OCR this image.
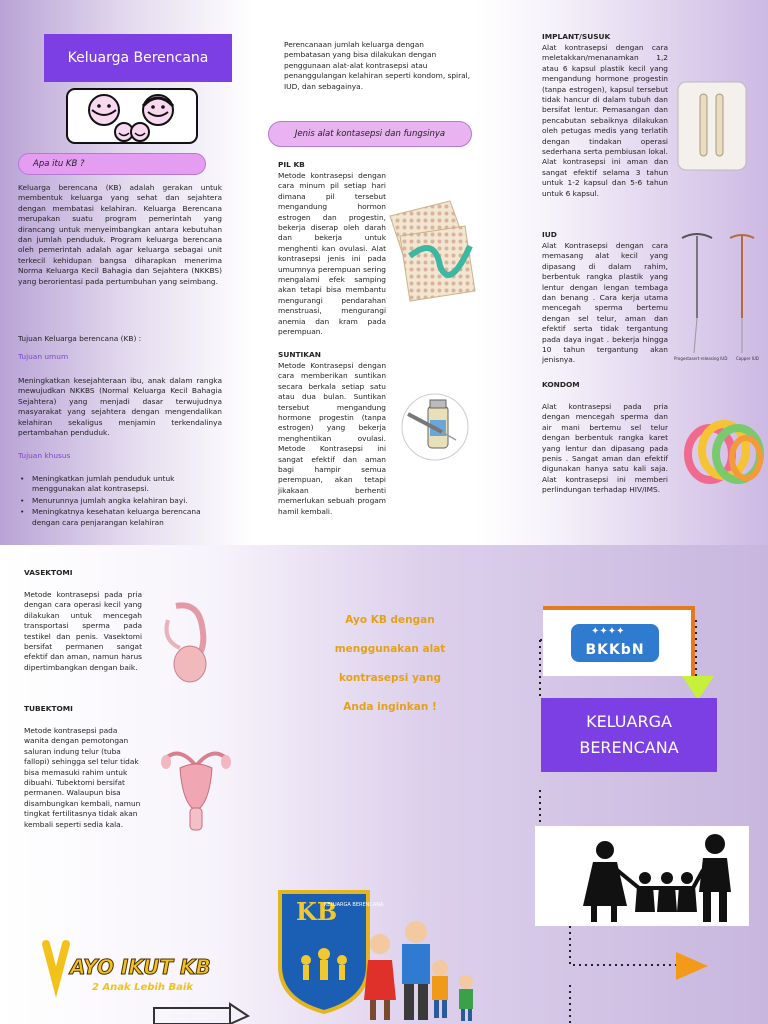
Keluarga Berencana
Apa itu KB ?
Keluarga berencana (KB) adalah gerakan untuk membentuk keluarga yang sehat dan sejahtera dengan membatasi kelahiran. Keluarga Berencana merupakan suatu program pemerintah yang dirancang untuk menyeimbangkan antara kebutuhan dan jumlah penduduk. Program keluarga berencana oleh pemerintah adalah agar keluarga sebagai unit terkecil kehidupan bangsa diharapkan menerima Norma Keluarga Kecil Bahagia dan Sejahtera (NKKBS) yang berorientasi pada pertumbuhan yang seimbang.
Tujuan Keluarga berencana (KB) :
Tujuan umum
Meningkatkan kesejahteraan ibu, anak dalam rangka mewujudkan NKKBS (Normal Keluarga Kecil Bahagia Sejahtera) yang menjadi dasar terwujudnya masyarakat yang sejahtera dengan mengendalikan kelahiran sekaligus menjamin terkendalinya pertambahan penduduk.
Tujuan khusus
• Meningkatkan jumlah penduduk untuk menggunakan alat kontrasepsi.
• Menurunnya jumlah angka kelahiran bayi.
• Meningkatnya kesehatan keluarga berencana dengan cara penjarangan kelahiran
Perencanaan jumlah keluarga dengan pembatasan yang bisa dilakukan dengan penggunaan alat-alat kontrasepsi atau penanggulangan kelahiran seperti kondom, spiral, IUD, dan sebagainya.
Jenis alat kontasepsi dan fungsinya
PIL KB
Metode kontrasepsi dengan cara minum pil setiap hari dimana pil tersebut mengandung hormon estrogen dan progestin, bekerja diserap oleh darah dan bekerja untuk menghenti kan ovulasi. Alat kontrasepsi jenis ini pada umumnya perempuan sering mengalami efek samping akan tetapi bisa membantu mengurangi pendarahan menstruasi, mengurangi anemia dan kram pada perempuan.
SUNTIKAN
Metode Kontrasepsi dengan cara memberikan suntikan secara berkala setiap satu atau dua bulan. Suntikan tersebut mengandung hormone progestin (tanpa estrogen) yang bekerja menghentikan ovulasi. Metode Kontrasepsi ini sangat efektif dan aman bagi hampir semua perempuan, akan tetapi jikakaan berhenti memerlukan sebuah progam hamil kembali.
IMPLANT/SUSUK
Alat kontrasepsi dengan cara meletakkan/menanamkan 1,2 atau 6 kapsul plastik kecil yang mengandung hormone progestin (tanpa estrogen), kapsul tersebut tidak hancur di dalam tubuh dan bersifat lentur. Pemasangan dan pencabutan sebaiknya dilakukan oleh petugas medis yang terlatih dengan tindakan operasi sederhana serta pembiusan lokal. Alat kontrasepsi ini aman dan sangat efektif selama 3 tahun untuk 1-2 kapsul dan 5-6 tahun untuk 6 kapsul.
IUD
Alat Kontrasepsi dengan cara memasang alat kecil yang dipasang di dalam rahim, berbentuk rangka plastik yang lentur dengan lengan tembaga dan benang . Cara kerja utama mencegah sperma bertemu dengan sel telur, aman dan efektif serta tidak tergantung pada daya ingat . bekerja hingga 10 tahun tergantung akan jenisnya.	Progestasert-releasing IUD	Copper IUD
KONDOM
Alat kontrasepsi pada pria dengan mencegah sperma dan air mani bertemu sel telur dengan berbentuk rangka karet yang lentur dan dipasang pada penis . Sangat aman dan efektif digunakan hanya satu kali saja. Alat kontrasepsi ini memberi perlindungan terhadap HIV/IMS.
VASEKTOMI
Metode kontrasepsi pada pria dengan cara operasi kecil yang dilakukan untuk mencegah transportasi sperma pada testikel dan penis. Vasektomi bersifat permanen sangat efektif dan aman, namun harus dipertimbangkan dengan baik.
TUBEKTOMI
Metode kontrasepsi pada wanita dengan pemotongan saluran indung telur (tuba fallopi) sehingga sel telur tidak bisa memasuki rahim untuk dibuahi. Tubektomi bersifat permanen. Walaupun bisa disambungkan kembali, namun tingkat fertilitasnya tidak akan kembali seperti sedia kala.
Ayo KB dengan
menggunakan alat
kontrasepsi yang
Anda inginkan !
AYO IKUT KB
2 Anak Lebih Baik
KB
KELUARGA BERENCANA
BKKbN
✦✦✦✦
KELUARGA
BERENCANA
